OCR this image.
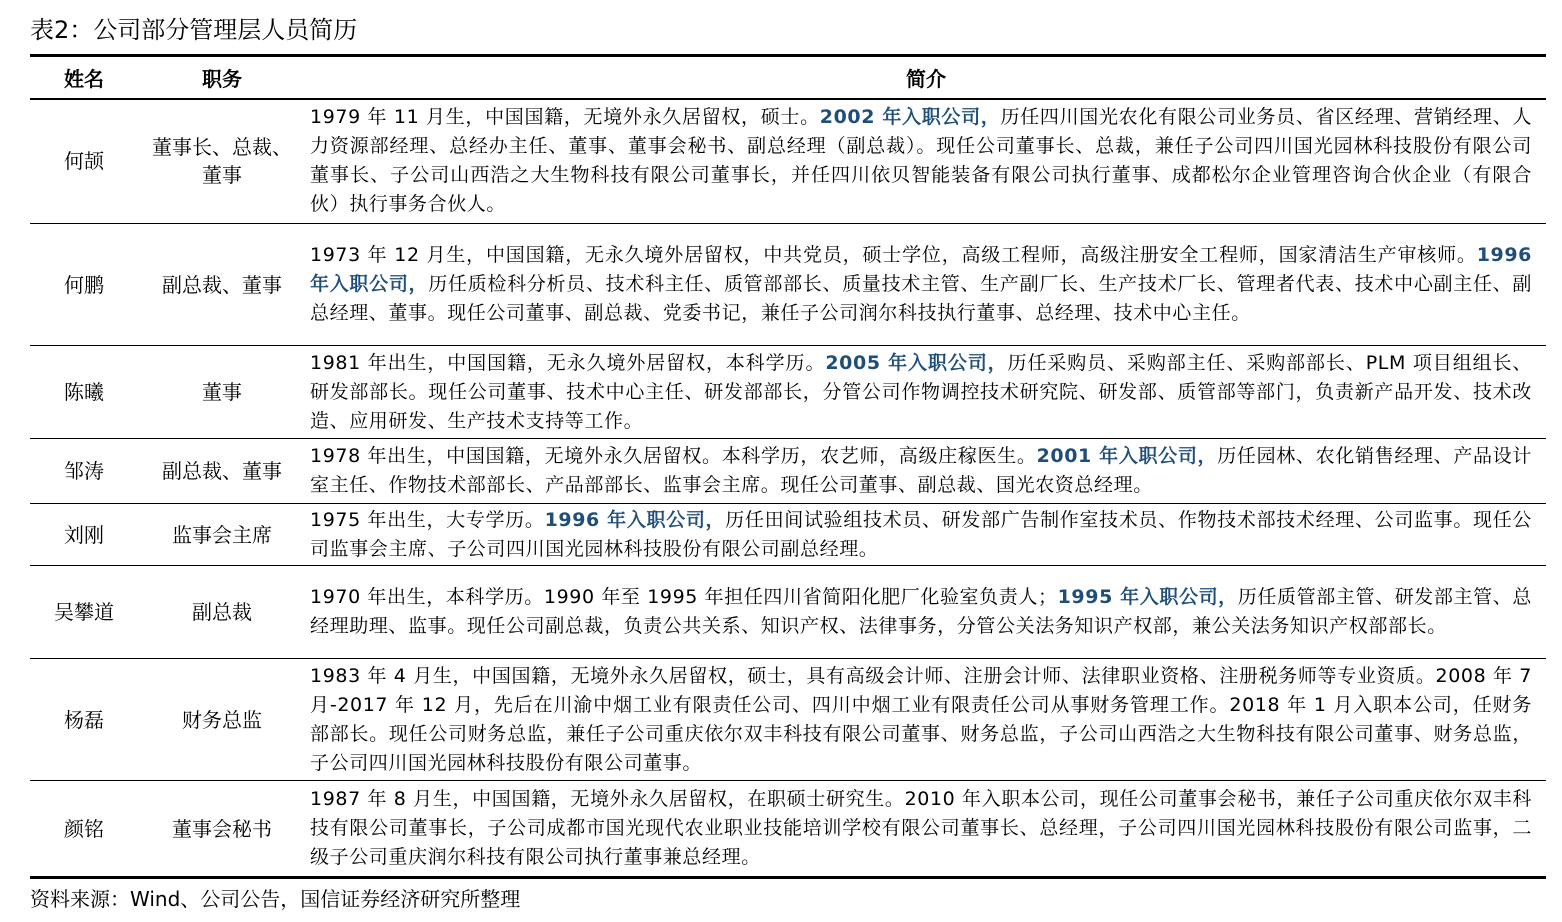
表2：公司部分管理层人员简历
姓名	职务	简介
何颉	董事长、总裁、董事	1979 年 11 月生，中国国籍，无境外永久居留权，硕士。2002 年入职公司，历任四川国光农化有限公司业务员、省区经理、营销经理、人力资源部经理、总经办主任、董事、董事会秘书、副总经理（副总裁）。现任公司董事长、总裁，兼任子公司四川国光园林科技股份有限公司董事长、子公司山西浩之大生物科技有限公司董事长，并任四川依贝智能装备有限公司执行董事、成都松尔企业管理咨询合伙企业（有限合伙）执行事务合伙人。
何鹏	副总裁、董事	1973 年 12 月生，中国国籍，无永久境外居留权，中共党员，硕士学位，高级工程师，高级注册安全工程师，国家清洁生产审核师。1996 年入职公司，历任质检科分析员、技术科主任、质管部部长、质量技术主管、生产副厂长、生产技术厂长、管理者代表、技术中心副主任、副总经理、董事。现任公司董事、副总裁、党委书记，兼任子公司润尔科技执行董事、总经理、技术中心主任。
陈曦	董事	1981 年出生，中国国籍，无永久境外居留权，本科学历。2005 年入职公司，历任采购员、采购部主任、采购部部长、PLM 项目组组长、研发部部长。现任公司董事、技术中心主任、研发部部长，分管公司作物调控技术研究院、研发部、质管部等部门，负责新产品开发、技术改造、应用研发、生产技术支持等工作。
邹涛	副总裁、董事	1978 年出生，中国国籍，无境外永久居留权。本科学历，农艺师，高级庄稼医生。2001 年入职公司，历任园林、农化销售经理、产品设计室主任、作物技术部部长、产品部部长、监事会主席。现任公司董事、副总裁、国光农资总经理。
刘刚	监事会主席	1975 年出生，大专学历。1996 年入职公司，历任田间试验组技术员、研发部广告制作室技术员、作物技术部技术经理、公司监事。现任公司监事会主席、子公司四川国光园林科技股份有限公司副总经理。
吴攀道	副总裁	1970 年出生，本科学历。1990 年至 1995 年担任四川省简阳化肥厂化验室负责人；1995 年入职公司，历任质管部主管、研发部主管、总经理助理、监事。现任公司副总裁，负责公共关系、知识产权、法律事务，分管公关法务知识产权部，兼公关法务知识产权部部长。
杨磊	财务总监	1983 年 4 月生，中国国籍，无境外永久居留权，硕士，具有高级会计师、注册会计师、法律职业资格、注册税务师等专业资质。2008 年 7 月-2017 年 12 月，先后在川渝中烟工业有限责任公司、四川中烟工业有限责任公司从事财务管理工作。2018 年 1 月入职本公司，任财务部部长。现任公司财务总监，兼任子公司重庆依尔双丰科技有限公司董事、财务总监，子公司山西浩之大生物科技有限公司董事、财务总监，子公司四川国光园林科技股份有限公司董事。
颜铭	董事会秘书	1987 年 8 月生，中国国籍，无境外永久居留权，在职硕士研究生。2010 年入职本公司，现任公司董事会秘书，兼任子公司重庆依尔双丰科技有限公司董事长，子公司成都市国光现代农业职业技能培训学校有限公司董事长、总经理，子公司四川国光园林科技股份有限公司监事，二级子公司重庆润尔科技有限公司执行董事兼总经理。
资料来源：Wind、公司公告，国信证券经济研究所整理
